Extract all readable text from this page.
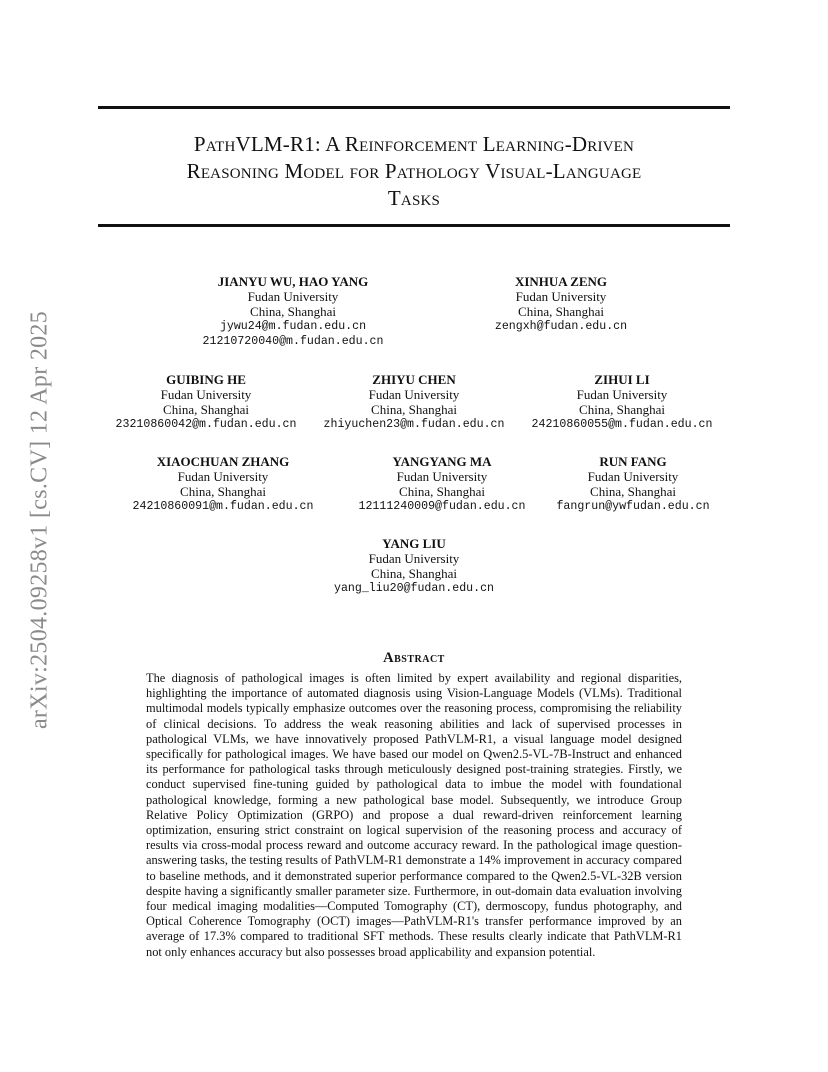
arXiv:2504.09258v1 [cs.CV] 12 Apr 2025
PathVLM-R1: A Reinforcement Learning-Driven
Reasoning Model for Pathology Visual-Language
Tasks
JIANYU WU, HAO YANG
Fudan University
China, Shanghai
jywu24@m.fudan.edu.cn
21210720040@m.fudan.edu.cn
XINHUA ZENG
Fudan University
China, Shanghai
zengxh@fudan.edu.cn
GUIBING HE
Fudan University
China, Shanghai
23210860042@m.fudan.edu.cn
ZHIYU CHEN
Fudan University
China, Shanghai
zhiyuchen23@m.fudan.edu.cn
ZIHUI LI
Fudan University
China, Shanghai
24210860055@m.fudan.edu.cn
XIAOCHUAN ZHANG
Fudan University
China, Shanghai
24210860091@m.fudan.edu.cn
YANGYANG MA
Fudan University
China, Shanghai
12111240009@fudan.edu.cn
RUN FANG
Fudan University
China, Shanghai
fangrun@ywfudan.edu.cn
YANG LIU
Fudan University
China, Shanghai
yang_liu20@fudan.edu.cn
Abstract
The diagnosis of pathological images is often limited by expert availability and regional disparities, highlighting the importance of automated diagnosis using Vision-Language Models (VLMs). Traditional multimodal models typically emphasize outcomes over the reasoning process, compromising the reliability of clinical decisions. To address the weak reasoning abilities and lack of supervised processes in pathological VLMs, we have innovatively proposed PathVLM-R1, a visual language model designed specifically for pathological images. We have based our model on Qwen2.5-VL-7B-Instruct and enhanced its performance for pathological tasks through meticulously designed post-training strategies. Firstly, we conduct supervised fine-tuning guided by pathological data to imbue the model with foundational pathological knowledge, forming a new pathological base model. Subsequently, we introduce Group Relative Policy Optimization (GRPO) and propose a dual reward-driven reinforcement learning optimization, ensuring strict constraint on logical supervision of the reasoning process and accuracy of results via cross-modal process reward and outcome accuracy reward. In the pathological image question-answering tasks, the testing results of PathVLM-R1 demonstrate a 14% improvement in accuracy compared to baseline methods, and it demonstrated superior performance compared to the Qwen2.5-VL-32B version despite having a significantly smaller parameter size. Furthermore, in out-domain data evaluation involving four medical imaging modalities—Computed Tomography (CT), dermoscopy, fundus photography, and Optical Coherence Tomography (OCT) images—PathVLM-R1's transfer performance improved by an average of 17.3% compared to traditional SFT methods. These results clearly indicate that PathVLM-R1 not only enhances accuracy but also possesses broad applicability and expansion potential.
